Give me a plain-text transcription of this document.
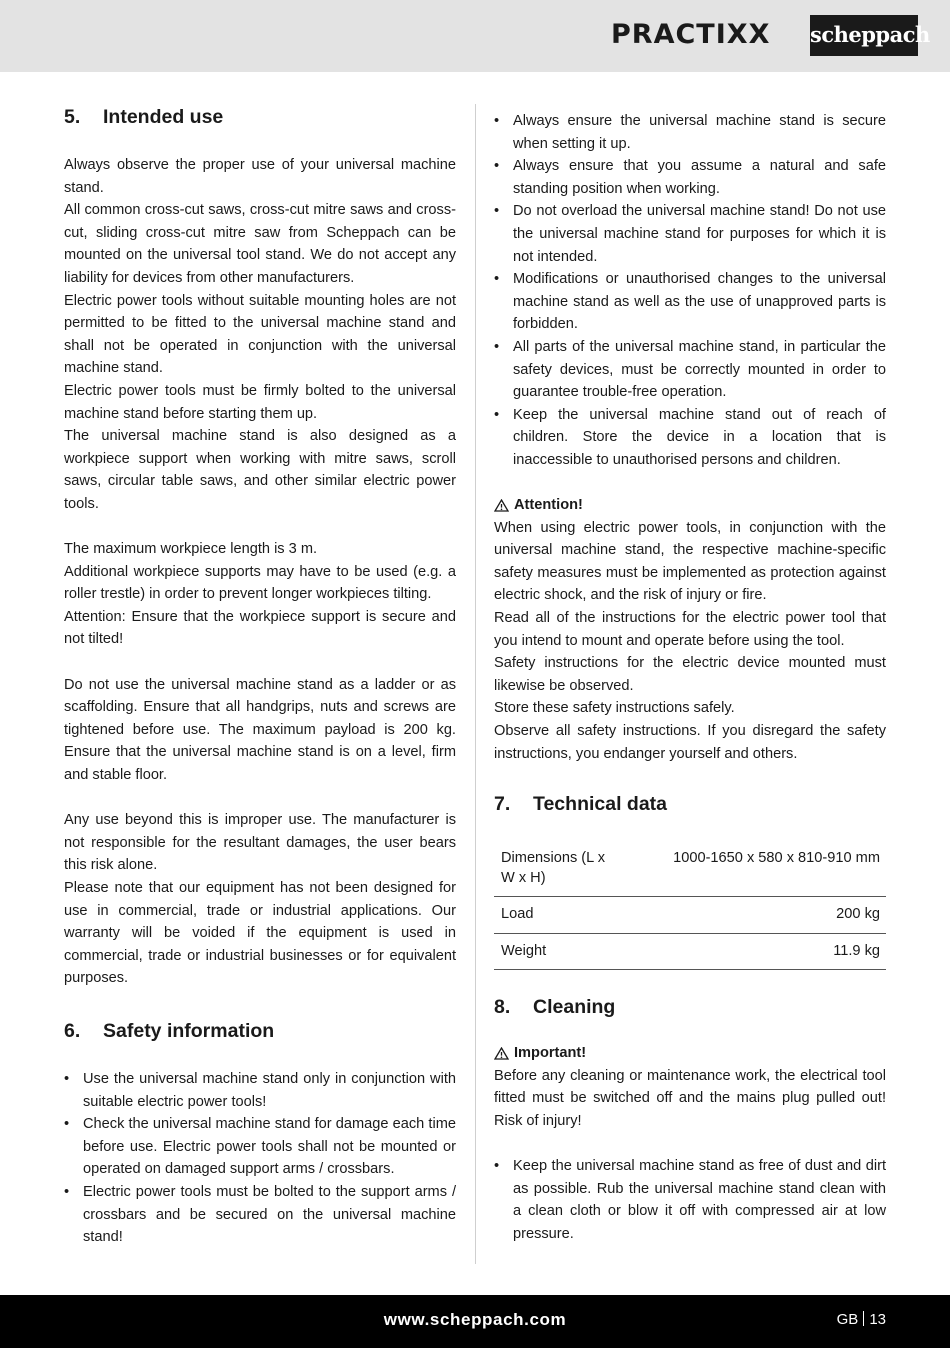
PRACTIXX scheppach
5.	Intended use

Always observe the proper use of your universal machine stand.

All common cross-cut saws, cross-cut mitre saws and cross-cut, sliding cross-cut mitre saw from Scheppach can be mounted on the universal tool stand. We do not accept any liability for devices from other manufacturers.

Electric power tools without suitable mounting holes are not permitted to be fitted to the universal machine stand and shall not be operated in conjunction with the universal machine stand.

Electric power tools must be firmly bolted to the universal machine stand before starting them up.

The universal machine stand is also designed as a workpiece support when working with mitre saws, scroll saws, circular table saws, and other similar electric power tools.

The maximum workpiece length is 3 m.

Additional workpiece supports may have to be used (e.g. a roller trestle) in order to prevent longer workpieces tilting.

Attention: Ensure that the workpiece support is secure and not tilted!

Do not use the universal machine stand as a ladder or as scaffolding. Ensure that all handgrips, nuts and screws are tightened before use. The maximum payload is 200 kg. Ensure that the universal machine stand is on a level, firm and stable floor.

Any use beyond this is improper use. The manufacturer is not responsible for the resultant damages, the user bears this risk alone.

Please note that our equipment has not been designed for use in commercial, trade or industrial applications. Our warranty will be voided if the equipment is used in commercial, trade or industrial businesses or for equivalent purposes.

6.	Safety information
• Use the universal machine stand only in conjunction with suitable electric power tools!
• Check the universal machine stand for damage each time before use. Electric power tools shall not be mounted or operated on damaged support arms / crossbars.
• Electric power tools must be bolted to the support arms / crossbars and be secured on the universal machine stand!
• Always ensure the universal machine stand is secure when setting it up.
• Always ensure that you assume a natural and safe standing position when working.
• Do not overload the universal machine stand! Do not use the universal machine stand for purposes for which it is not intended.
• Modifications or unauthorised changes to the universal machine stand as well as the use of unapproved parts is forbidden.
• All parts of the universal machine stand, in particular the safety devices, must be correctly mounted in order to guarantee trouble-free operation.
• Keep the universal machine stand out of reach of children. Store the device in a location that is inaccessible to unauthorised persons and children.
Attention!

When using electric power tools, in conjunction with the universal machine stand, the respective machine-specific safety measures must be implemented as protection against electric shock, and the risk of injury or fire.

Read all of the instructions for the electric power tool that you intend to mount and operate before using the tool.

Safety instructions for the electric device mounted must likewise be observed.

Store these safety instructions safely.

Observe all safety instructions. If you disregard the safety instructions, you endanger yourself and others.

7.	Technical data
Dimensions (L x W x H)	1000-1650 x 580 x 810-910 mm
Load	200 kg
Weight	11.9 kg
8.	Cleaning
Important!

Before any cleaning or maintenance work, the electrical tool fitted must be switched off and the mains plug pulled out! Risk of injury!

• Keep the universal machine stand as free of dust and dirt as possible. Rub the universal machine stand clean with a clean cloth or blow it off with compressed air at low pressure.
www.scheppach.com	GB 13
